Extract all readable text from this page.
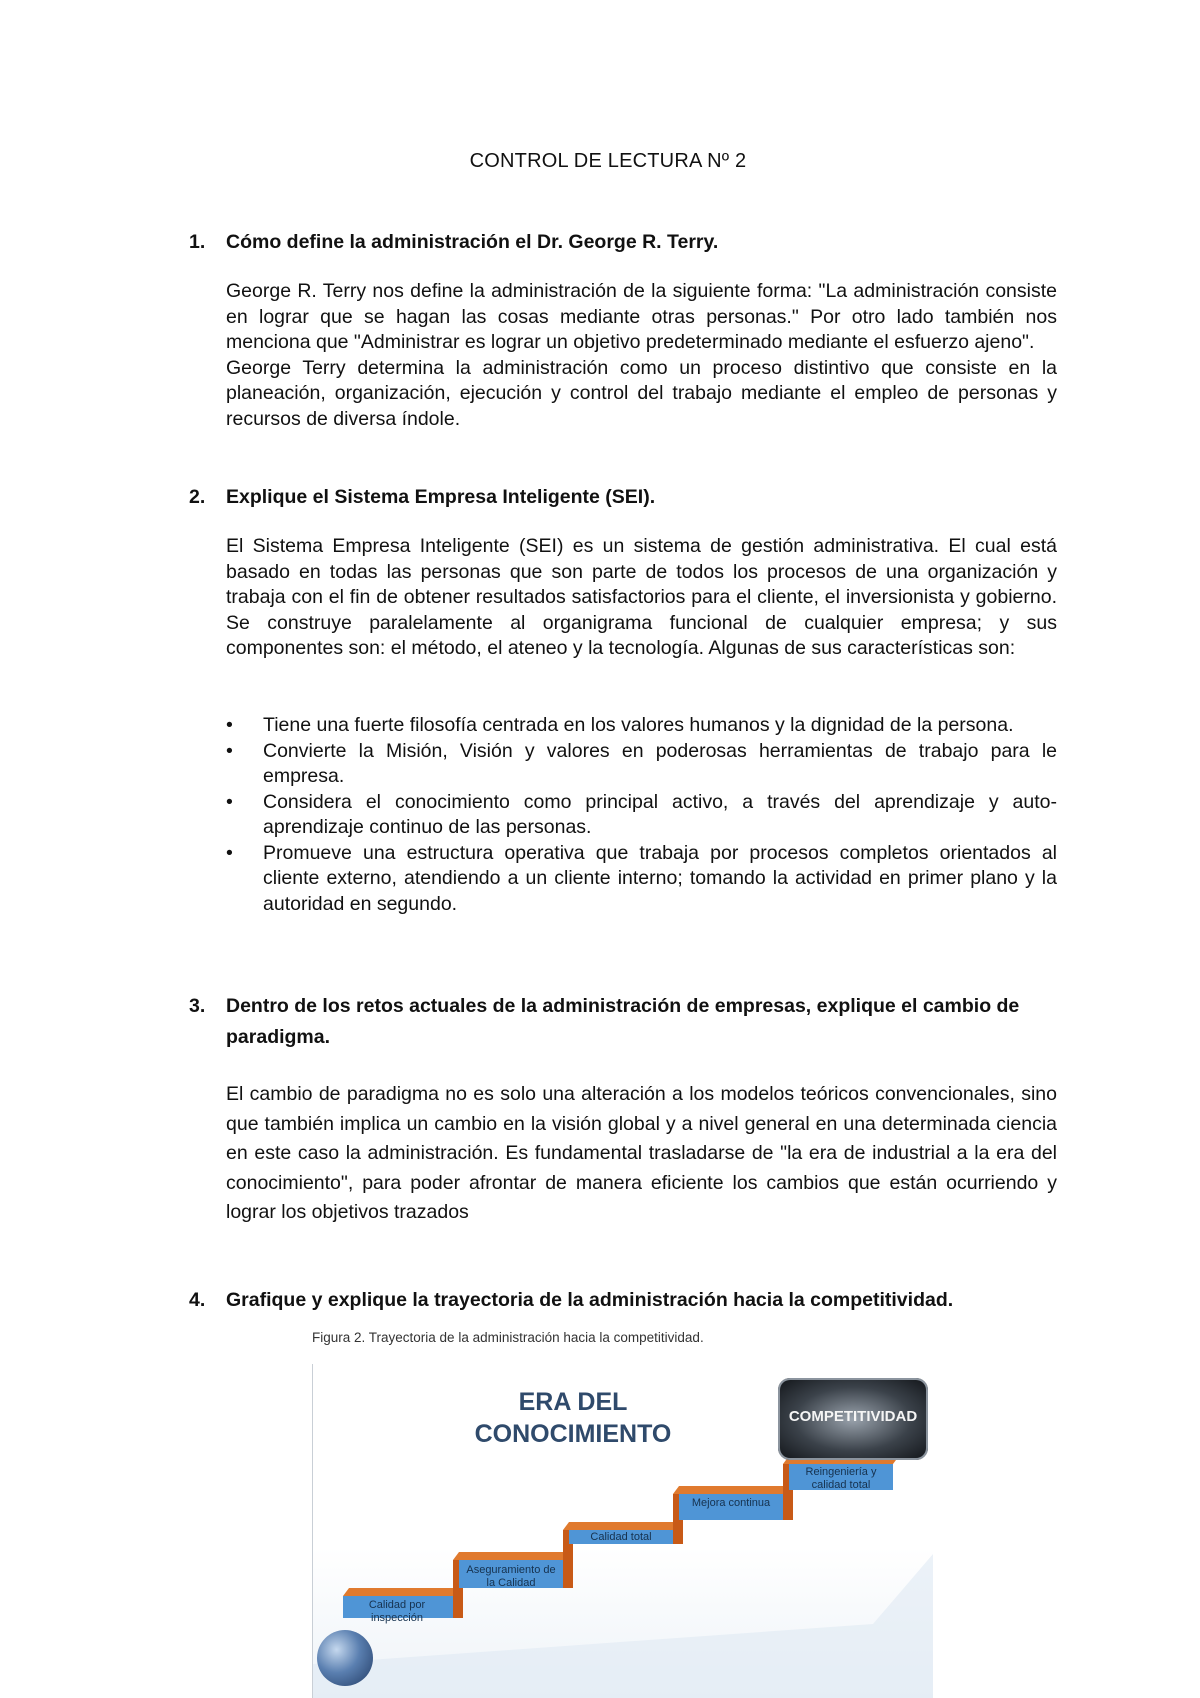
CONTROL DE LECTURA Nº 2
1. Cómo define la administración el Dr. George R. Terry.

George R. Terry nos define la administración de la siguiente forma: "La administración consiste en lograr que se hagan las cosas mediante otras personas." Por otro lado también nos menciona que "Administrar es lograr un objetivo predeterminado mediante el esfuerzo ajeno".

George Terry determina la administración como un proceso distintivo que consiste en la planeación, organización, ejecución y control del trabajo mediante el empleo de personas y recursos de diversa índole.

2. Explique el Sistema Empresa Inteligente (SEI).

El Sistema Empresa Inteligente (SEI) es un sistema de gestión administrativa. El cual está basado en todas las personas que son parte de todos los procesos de una organización y trabaja con el fin de obtener resultados satisfactorios para el cliente, el inversionista y gobierno. Se construye paralelamente al organigrama funcional de cualquier empresa; y sus componentes son: el método, el ateneo y la tecnología. Algunas de sus características son:

• Tiene una fuerte filosofía centrada en los valores humanos y la dignidad de la persona.
• Convierte la Misión, Visión y valores en poderosas herramientas de trabajo para le empresa.
• Considera el conocimiento como principal activo, a través del aprendizaje y auto- aprendizaje continuo de las personas.
• Promueve una estructura operativa que trabaja por procesos completos orientados al cliente externo, atendiendo a un cliente interno; tomando la actividad en primer plano y la autoridad en segundo.
3. Dentro de los retos actuales de la administración de empresas, explique el cambio de paradigma.

El cambio de paradigma no es solo una alteración a los modelos teóricos convencionales, sino que también implica un cambio en la visión global y a nivel general en una determinada ciencia en este caso la administración. Es fundamental trasladarse de "la era de industrial a la era del conocimiento", para poder afrontar de manera eficiente los cambios que están ocurriendo y lograr los objetivos trazados

4. Grafique y explique la trayectoria de la administración hacia la competitividad.
Figura 2. Trayectoria de la administración hacia la competitividad.
ERA DEL
CONOCIMIENTO
COMPETITIVIDAD
Calidad por inspección
Aseguramiento de la Calidad
Calidad total
Mejora continua
Reingeniería y calidad total
